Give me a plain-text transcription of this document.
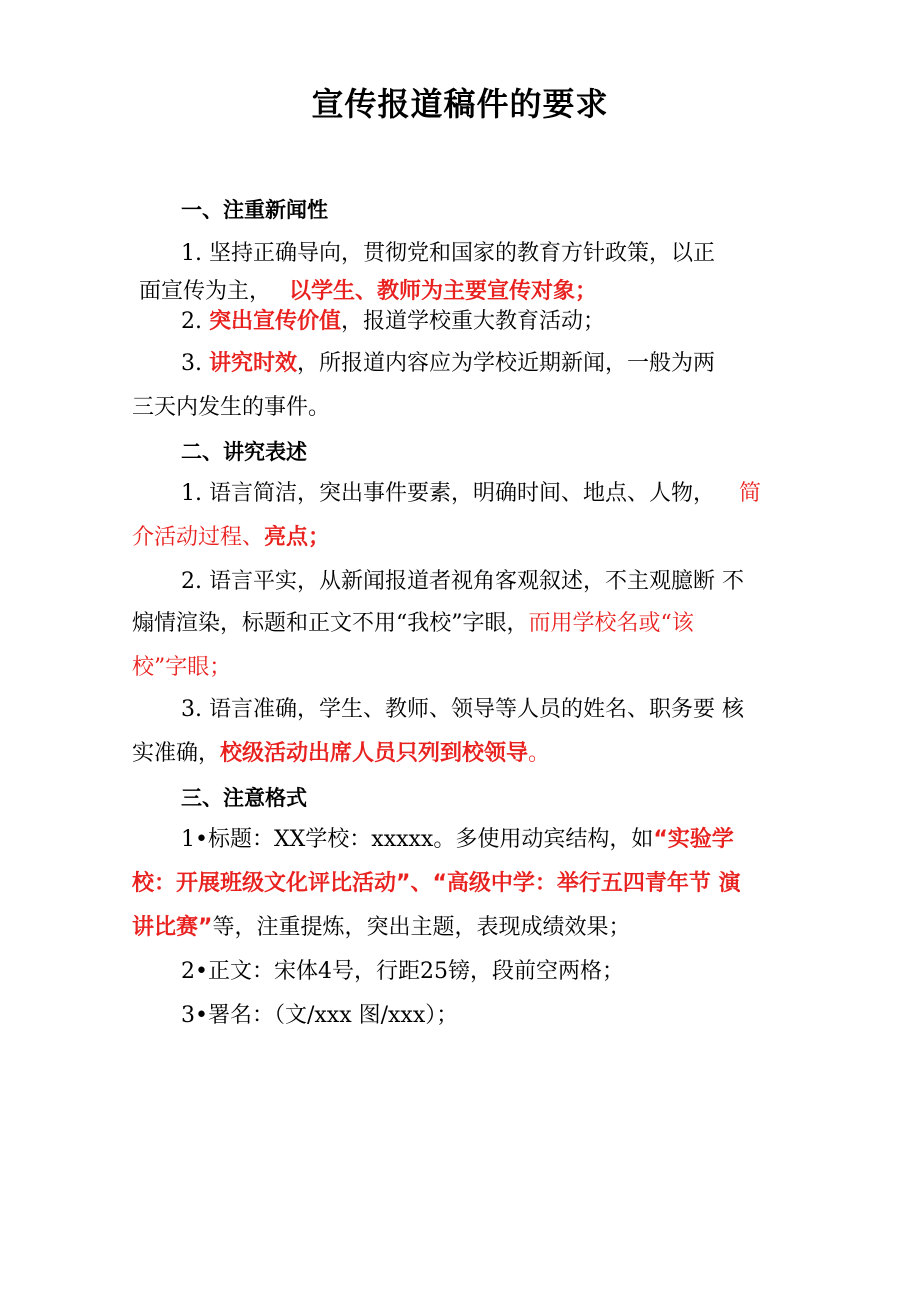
宣传报道稿件的要求
一、注重新闻性
1. 坚持正确导向，贯彻党和国家的教育方针政策，以正
面宣传为主， 以学生、教师为主要宣传对象；
2. 突出宣传价值，报道学校重大教育活动；
3. 讲究时效，所报道内容应为学校近期新闻，一般为两
三天内发生的事件。
二、讲究表述
1. 语言简洁，突出事件要素，明确时间、地点、人物， 简
介活动过程、亮点；
2. 语言平实，从新闻报道者视角客观叙述，不主观臆断 不
煽情渲染，标题和正文不用“我校”字眼，而用学校名或“该
校”字眼；
3. 语言准确，学生、教师、领导等人员的姓名、职务要 核
实准确，校级活动出席人员只列到校领导。
三、注意格式
1•标题：XX学校：xxxxx。多使用动宾结构，如“实验学
校：开展班级文化评比活动”、“高级中学：举行五四青年节 演
讲比赛”等，注重提炼，突出主题，表现成绩效果；
2•正文：宋体4号，行距25镑，段前空两格；
3•署名：（文/xxx 图/xxx）；
